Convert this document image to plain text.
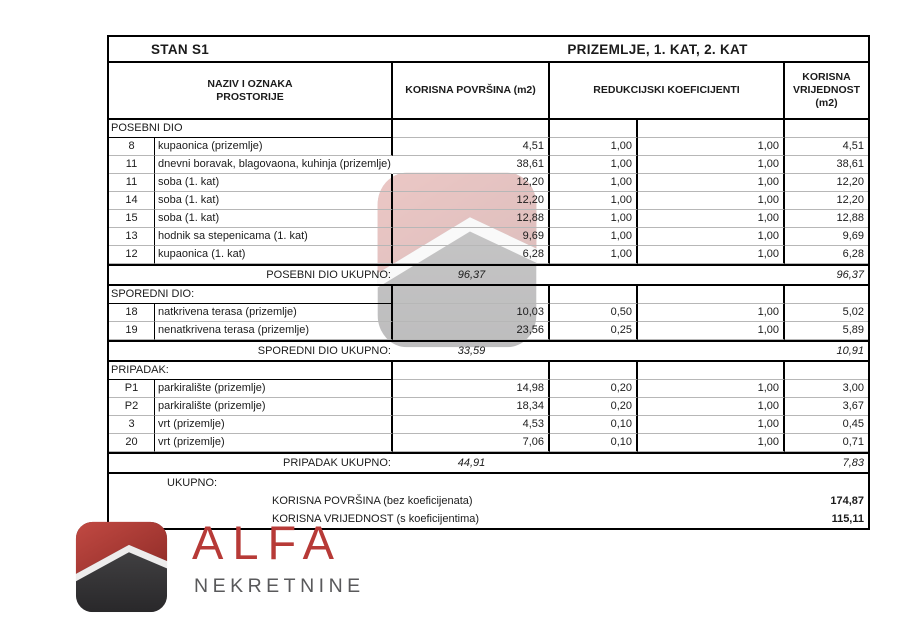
STAN S1	PRIZEMLJE, 1. KAT, 2. KAT
NAZIV I OZNAKA
PROSTORIJE
KORISNA POVRŠINA (m2)	REDUKCIJSKI KOEFICIJENTI
KORISNA
VRIJEDNOST
(m2)
POSEBNI DIO
8	kupaonica (prizemlje)	4,51	1,00	1,00	4,51
11	dnevni boravak, blagovaona, kuhinja (prizemlje)	38,61	1,00	1,00	38,61
11	soba (1. kat)	12,20	1,00	1,00	12,20
14	soba (1. kat)	12,20	1,00	1,00	12,20
15	soba (1. kat)	12,88	1,00	1,00	12,88
13	hodnik sa stepenicama (1. kat)	9,69	1,00	1,00	9,69
12	kupaonica (1. kat)	6,28	1,00	1,00	6,28
POSEBNI DIO UKUPNO:	96,37	96,37
SPOREDNI DIO:
18	natkrivena terasa (prizemlje)	10,03	0,50	1,00	5,02
19	nenatkrivena terasa (prizemlje)	23,56	0,25	1,00	5,89
SPOREDNI DIO UKUPNO:	33,59	10,91
PRIPADAK:
P1	parkiralište (prizemlje)	14,98	0,20	1,00	3,00
P2	parkiralište (prizemlje)	18,34	0,20	1,00	3,67
3	vrt (prizemlje)	4,53	0,10	1,00	0,45
20	vrt (prizemlje)	7,06	0,10	1,00	0,71
PRIPADAK UKUPNO:	44,91	7,83
UKUPNO:
KORISNA POVRŠINA (bez koeficijenata)	174,87
KORISNA VRIJEDNOST (s koeficijentima)	115,11
ALFA
NEKRETNINE
